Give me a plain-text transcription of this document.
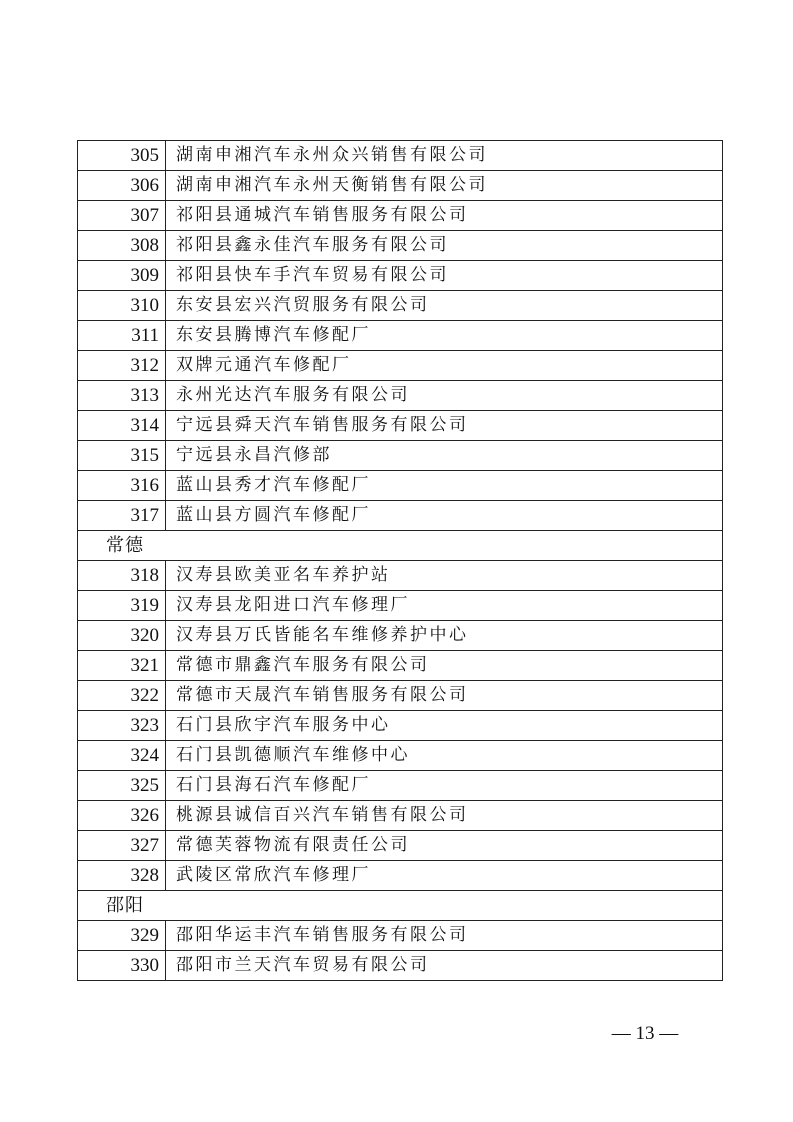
305	湖南申湘汽车永州众兴销售有限公司
306	湖南申湘汽车永州天衡销售有限公司
307	祁阳县通城汽车销售服务有限公司
308	祁阳县鑫永佳汽车服务有限公司
309	祁阳县快车手汽车贸易有限公司
310	东安县宏兴汽贸服务有限公司
311	东安县腾博汽车修配厂
312	双牌元通汽车修配厂
313	永州光达汽车服务有限公司
314	宁远县舜天汽车销售服务有限公司
315	宁远县永昌汽修部
316	蓝山县秀才汽车修配厂
317	蓝山县方圆汽车修配厂
常德	
318	汉寿县欧美亚名车养护站
319	汉寿县龙阳进口汽车修理厂
320	汉寿县万氏皆能名车维修养护中心
321	常德市鼎鑫汽车服务有限公司
322	常德市天晟汽车销售服务有限公司
323	石门县欣宇汽车服务中心
324	石门县凯德顺汽车维修中心
325	石门县海石汽车修配厂
326	桃源县诚信百兴汽车销售有限公司
327	常德芙蓉物流有限责任公司
328	武陵区常欣汽车修理厂
邵阳	
329	邵阳华运丰汽车销售服务有限公司
330	邵阳市兰天汽车贸易有限公司
— 13 —
